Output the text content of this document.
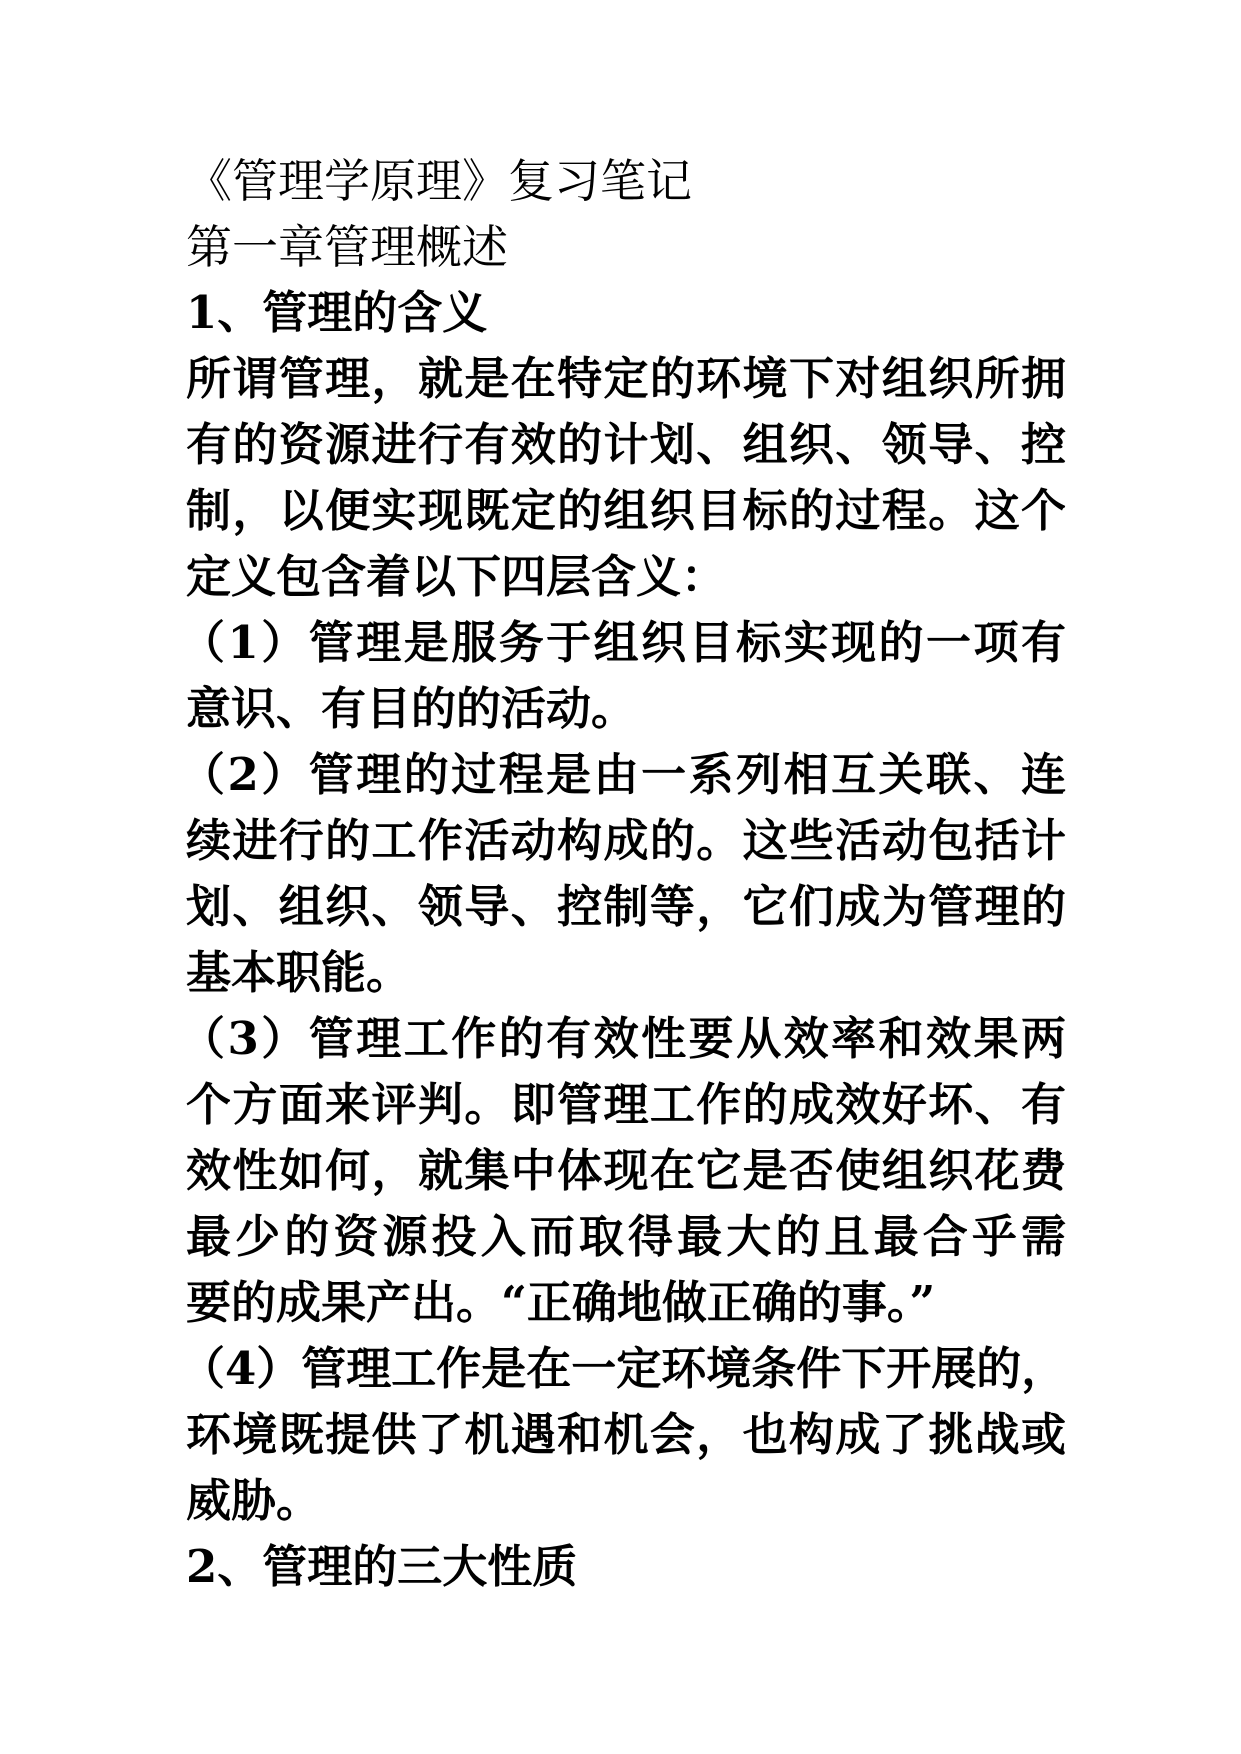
《管理学原理》复习笔记
第一章管理概述
1、管理的含义
所谓管理，就是在特定的环境下对组织所拥
有的资源进行有效的计划、组织、领导、控
制，以便实现既定的组织目标的过程。这个
定义包含着以下四层含义：
（1）管理是服务于组织目标实现的一项有
意识、有目的的活动。
（2）管理的过程是由一系列相互关联、连
续进行的工作活动构成的。这些活动包括计
划、组织、领导、控制等，它们成为管理的
基本职能。
（3）管理工作的有效性要从效率和效果两
个方面来评判。即管理工作的成效好坏、有
效性如何，就集中体现在它是否使组织花费
最少的资源投入而取得最大的且最合乎需
要的成果产出。“正确地做正确的事。”
（4）管理工作是在一定环境条件下开展的，
环境既提供了机遇和机会，也构成了挑战或
威胁。
2、管理的三大性质
